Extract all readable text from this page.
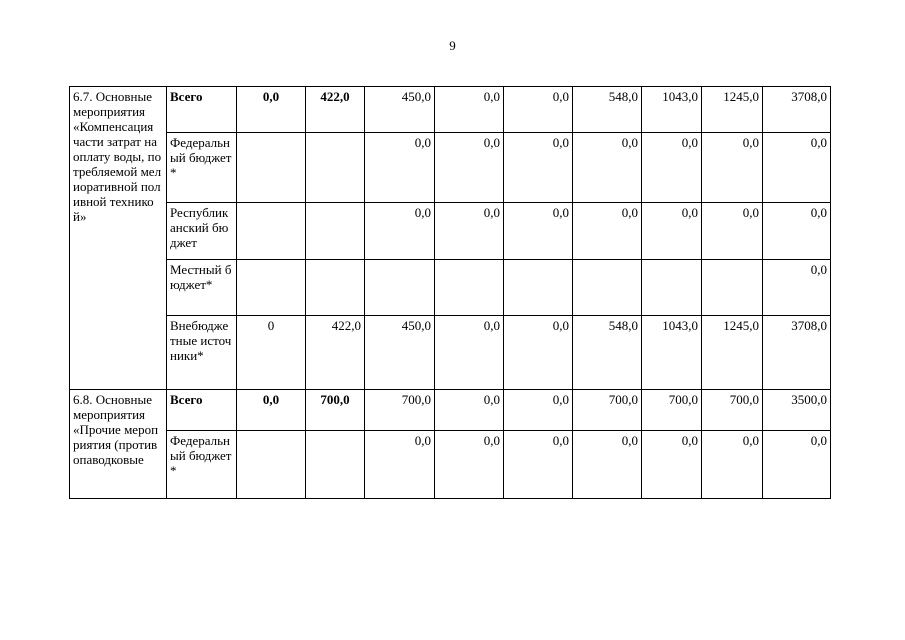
9
6.7. Основные мероприятия «Компенсация части затрат на оплату воды, потребляемой мелиоративной поливной техникой»	Всего	0,0	422,0	450,0	0,0	0,0	548,0	1043,0	1245,0	3708,0
	Федеральный бюджет*			0,0	0,0	0,0	0,0	0,0	0,0	0,0
	Республиканский бюджет			0,0	0,0	0,0	0,0	0,0	0,0	0,0
	Местный бюджет*									0,0
	Внебюджетные источники*	0	422,0	450,0	0,0	0,0	548,0	1043,0	1245,0	3708,0
6.8. Основные мероприятия «Прочие мероприятия (противопаводковые	Всего	0,0	700,0	700,0	0,0	0,0	700,0	700,0	700,0	3500,0
	Федеральный бюджет*			0,0	0,0	0,0	0,0	0,0	0,0	0,0
